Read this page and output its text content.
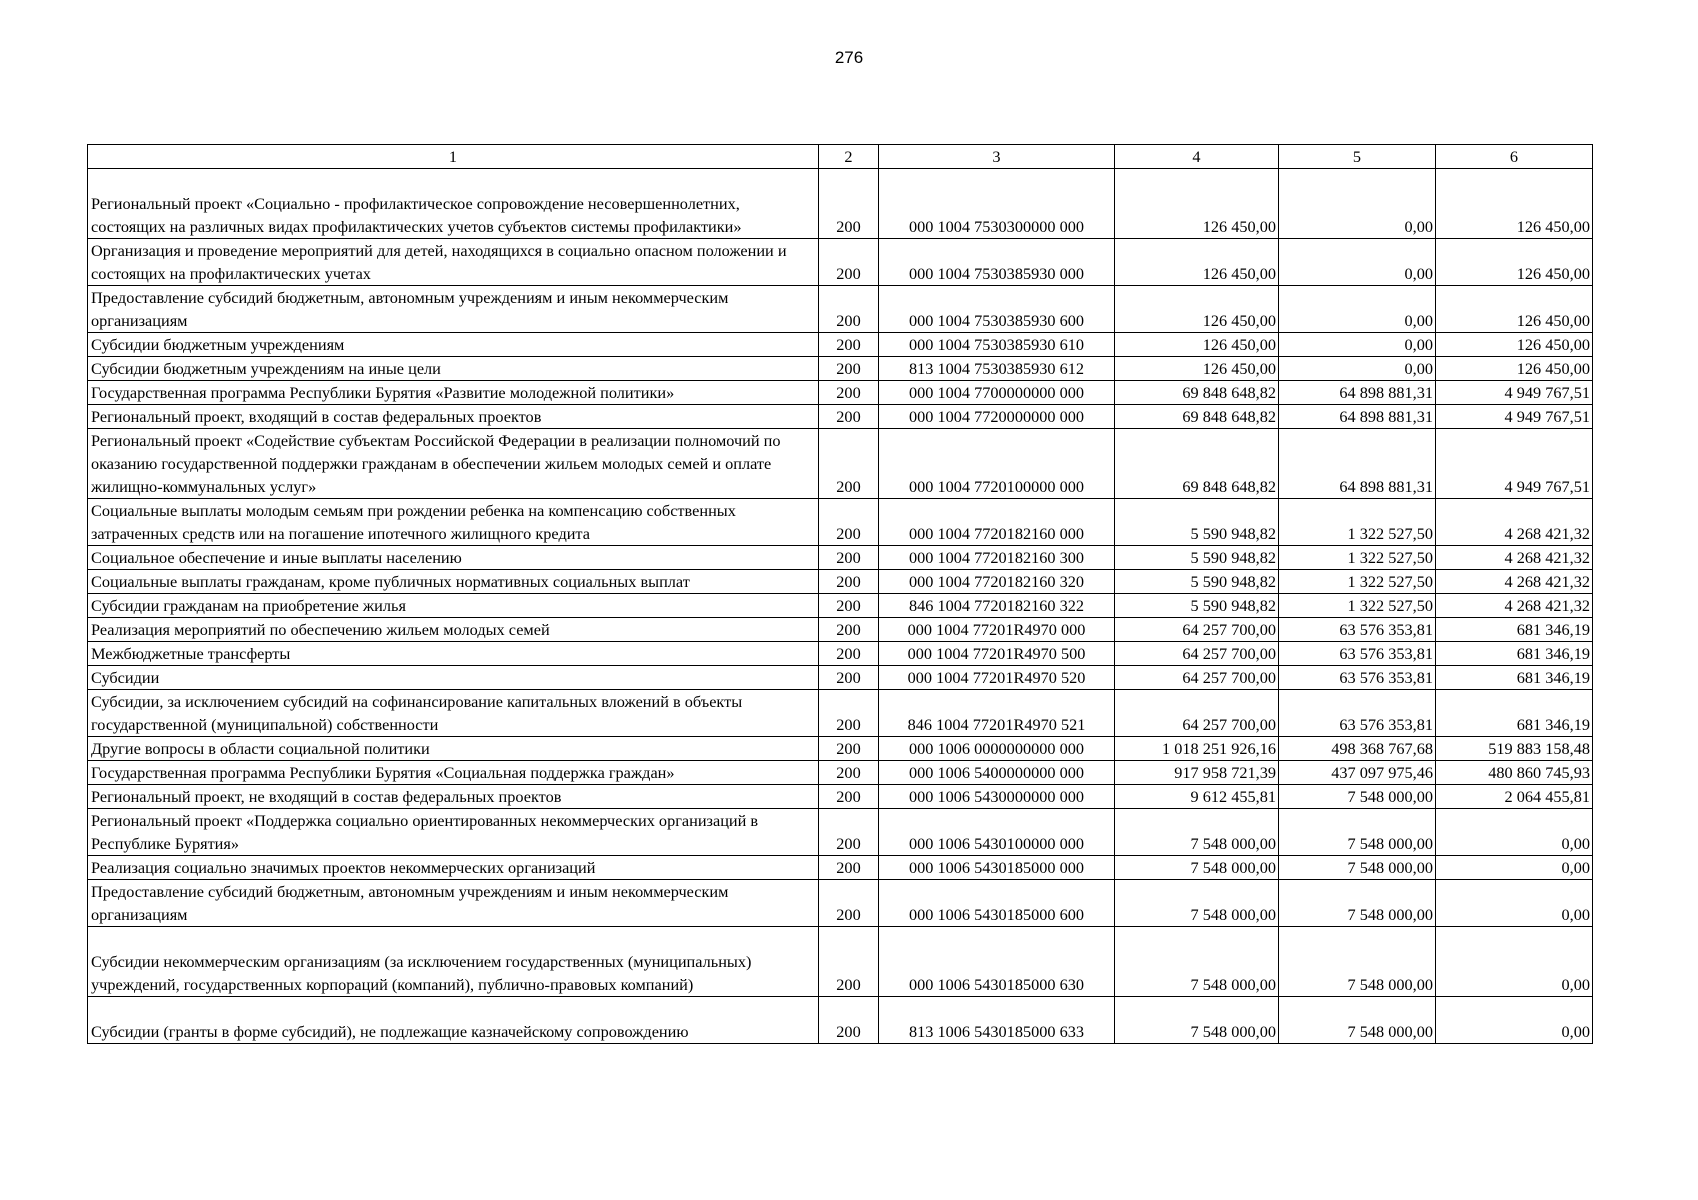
276
1	2	3	4	5	6
Региональный проект «Социально - профилактическое сопровождение несовершеннолетних, состоящих на различных видах профилактических учетов субъектов системы профилактики»	200	000 1004 7530300000 000	126 450,00	0,00	126 450,00
Организация и проведение мероприятий для детей, находящихся в социально опасном положении и состоящих на профилактических учетах	200	000 1004 7530385930 000	126 450,00	0,00	126 450,00
Предоставление субсидий бюджетным, автономным учреждениям и иным некоммерческим организациям	200	000 1004 7530385930 600	126 450,00	0,00	126 450,00
Субсидии бюджетным учреждениям	200	000 1004 7530385930 610	126 450,00	0,00	126 450,00
Субсидии бюджетным учреждениям на иные цели	200	813 1004 7530385930 612	126 450,00	0,00	126 450,00
Государственная программа Республики Бурятия «Развитие молодежной политики»	200	000 1004 7700000000 000	69 848 648,82	64 898 881,31	4 949 767,51
Региональный проект, входящий в состав федеральных проектов	200	000 1004 7720000000 000	69 848 648,82	64 898 881,31	4 949 767,51
Региональный проект «Содействие субъектам Российской Федерации в реализации полномочий по оказанию государственной поддержки гражданам в обеспечении жильем молодых семей и оплате жилищно-коммунальных услуг»	200	000 1004 7720100000 000	69 848 648,82	64 898 881,31	4 949 767,51
Социальные выплаты молодым семьям при рождении ребенка на компенсацию собственных затраченных средств или на погашение ипотечного жилищного кредита	200	000 1004 7720182160 000	5 590 948,82	1 322 527,50	4 268 421,32
Социальное обеспечение и иные выплаты населению	200	000 1004 7720182160 300	5 590 948,82	1 322 527,50	4 268 421,32
Социальные выплаты гражданам, кроме публичных нормативных социальных выплат	200	000 1004 7720182160 320	5 590 948,82	1 322 527,50	4 268 421,32
Субсидии гражданам на приобретение жилья	200	846 1004 7720182160 322	5 590 948,82	1 322 527,50	4 268 421,32
Реализация мероприятий по обеспечению жильем молодых семей	200	000 1004 77201R4970 000	64 257 700,00	63 576 353,81	681 346,19
Межбюджетные трансферты	200	000 1004 77201R4970 500	64 257 700,00	63 576 353,81	681 346,19
Субсидии	200	000 1004 77201R4970 520	64 257 700,00	63 576 353,81	681 346,19
Субсидии, за исключением субсидий на софинансирование капитальных вложений в объекты государственной (муниципальной) собственности	200	846 1004 77201R4970 521	64 257 700,00	63 576 353,81	681 346,19
Другие вопросы в области социальной политики	200	000 1006 0000000000 000	1 018 251 926,16	498 368 767,68	519 883 158,48
Государственная программа Республики Бурятия «Социальная поддержка граждан»	200	000 1006 5400000000 000	917 958 721,39	437 097 975,46	480 860 745,93
Региональный проект, не входящий в состав федеральных проектов	200	000 1006 5430000000 000	9 612 455,81	7 548 000,00	2 064 455,81
Региональный проект «Поддержка социально ориентированных некоммерческих организаций в Республике Бурятия»	200	000 1006 5430100000 000	7 548 000,00	7 548 000,00	0,00
Реализация социально значимых проектов некоммерческих организаций	200	000 1006 5430185000 000	7 548 000,00	7 548 000,00	0,00
Предоставление субсидий бюджетным, автономным учреждениям и иным некоммерческим организациям	200	000 1006 5430185000 600	7 548 000,00	7 548 000,00	0,00
Субсидии некоммерческим организациям (за исключением государственных (муниципальных) учреждений, государственных корпораций (компаний), публично-правовых компаний)	200	000 1006 5430185000 630	7 548 000,00	7 548 000,00	0,00
Субсидии (гранты в форме субсидий), не подлежащие казначейскому сопровождению	200	813 1006 5430185000 633	7 548 000,00	7 548 000,00	0,00
